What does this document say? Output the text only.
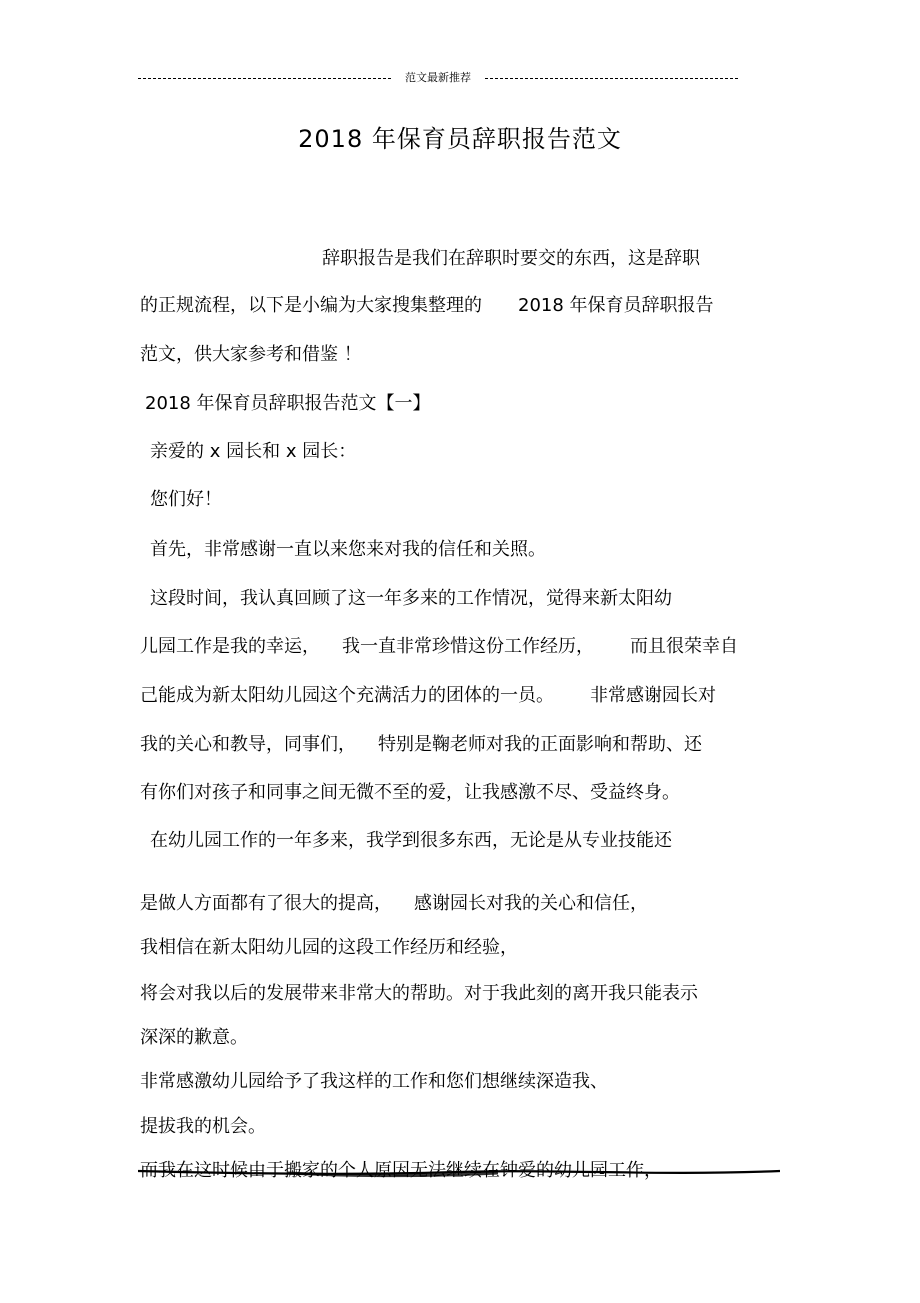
范文最新推荐
2018 年保育员辞职报告范文
辞职报告是我们在辞职时要交的东西，这是辞职
的正规流程，以下是小编为大家搜集整理的 2018 年保育员辞职报告
范文，供大家参考和借鉴 ！
2018 年保育员辞职报告范文【一】
亲爱的 x 园长和 x 园长：
您们好！
首先，非常感谢一直以来您来对我的信任和关照。
这段时间，我认真回顾了这一年多来的工作情况，觉得来新太阳幼
儿园工作是我的幸运， 我一直非常珍惜这份工作经历， 而且很荣幸自
己能成为新太阳幼儿园这个充满活力的团体的一员。 非常感谢园长对
我的关心和教导，同事们， 特别是鞠老师对我的正面影响和帮助、还
有你们对孩子和同事之间无微不至的爱，让我感激不尽、受益终身。
在幼儿园工作的一年多来，我学到很多东西，无论是从专业技能还
是做人方面都有了很大的提高， 感谢园长对我的关心和信任，
我相信在新太阳幼儿园的这段工作经历和经验，
将会对我以后的发展带来非常大的帮助。对于我此刻的离开我只能表示
深深的歉意。
非常感激幼儿园给予了我这样的工作和您们想继续深造我、
提拔我的机会。
而我在这时候由于搬家的个人原因无法继续在钟爱的幼儿园工作，
